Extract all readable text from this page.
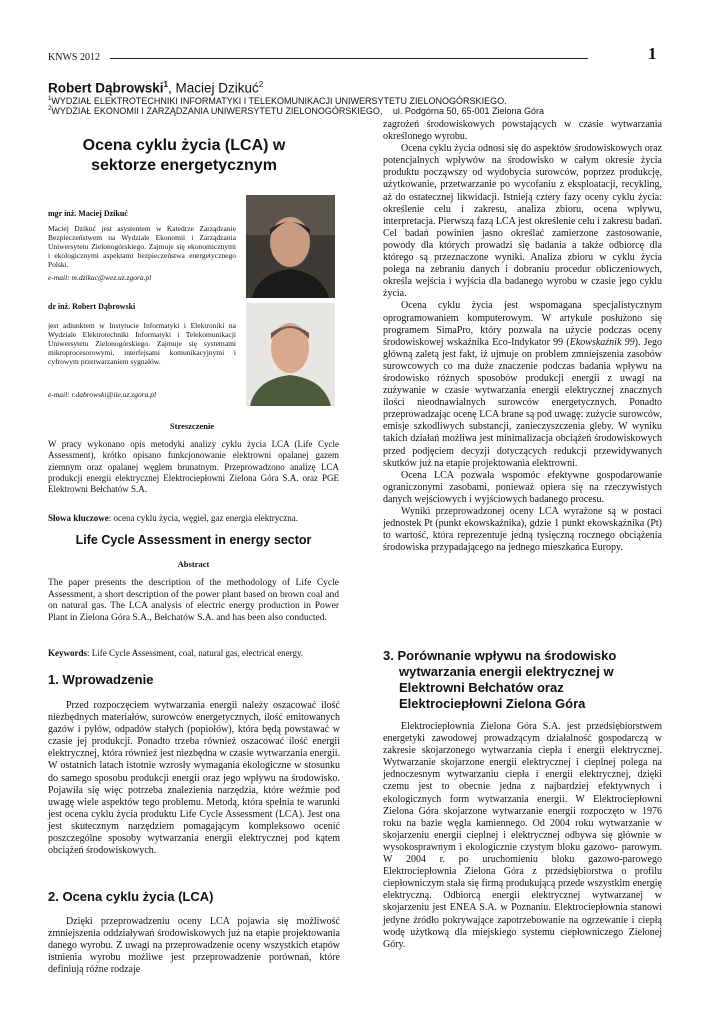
KNWS 2012	1
Robert Dąbrowski$^1$, Maciej Dzikuć$^2$
$^1$WYDZIAŁ ELEKTROTECHNIKI INFORMATYKI I TELEKOMUNIKACJI UNIWERSYTETU ZIELONOGÓRSKIEGO.
$^2$WYDZIAŁ EKONOMII I ZARZĄDZANIA UNIWERSYTETU ZIELONOGÓRSKIEGO, ul. Podgórna 50, 65-001 Zielona Góra
Ocena cyklu życia (LCA) w sektorze energetycznym
mgr inż. Maciej Dzikuć
Maciej Dzikuć jest asystentem w Katedrze Zarządzanie Bezpieczeństwem na Wydziale Ekonomii i Zarządzania Uniwersytetu Zielonogórskiego. Zajmuje się ekonomicznymi i ekologicznymi aspektami bezpieczeństwa energetycznego Polski.
e-mail: m.dzikuc@wez.uz.zgora.pl
dr inż. Robert Dąbrowski
jest adiunktem w Instytucie Informatyki i Elektroniki na Wydziale Elektrotechniki Informatyki i Telekomunikacji Uniwersytetu Zielonogórskiego. Zajmuje się systemami mikroprocesorowymi, interfejsami komunikacyjnymi i cyfrowym przetwarzaniem sygnałów.
e-mail: r.dabrowski@iie.uz.zgora.pl
Streszczenie
W pracy wykonano opis metodyki analizy cyklu życia LCA (Life Cycle Assessment), krótko opisano funkcjonowanie elektrowni opalanej gazem ziemnym oraz opalanej węglem brunatnym. Przeprowadzono analizę LCA produkcji energii elektrycznej Elektrociepłowni Zielona Góra S.A. oraz PGE Elektrowni Bełchatów S.A.
Słowa kluczowe: ocena cyklu życia, węgiel, gaz energia elektryczna.
Life Cycle Assessment in energy sector
Abstract
The paper presents the description of the methodology of Life Cycle Assessment, a short description of the power plant based on brown coal and on natural gas. The LCA analysis of electric energy production in Power Plant in Zielona Góra S.A., Bełchatów S.A. and has been also conducted.
Keywords: Life Cycle Assessment, coal, natural gas, electrical energy.
1. Wprowadzenie

Przed rozpoczęciem wytwarzania energii należy oszacować ilość niezbędnych materiałów, surowców energetycznych, ilość emitowanych gazów i pyłów, odpadów stałych (popiołów), która będą powstawać w czasie jej produkcji. Ponadto trzeba również oszacować ilość energii elektrycznej, która również jest niezbędna w czasie wytwarzania energii. W ostatnich latach istotnie wzrosły wymagania ekologiczne w stosunku do samego sposobu produkcji energii oraz jego wpływu na środowisko. Pojawiła się więc potrzeba znalezienia narzędzia, które weźmie pod uwagę wiele aspektów tego problemu. Metodą, która spełnia te warunki jest ocena cyklu życia produktu Life Cycle Assessment (LCA). Jest ona jest skutecznym narzędziem pomagającym kompleksowo ocenić poszczególne sposoby wytwarzania energii elektrycznej pod kątem obciążeń środowiskowych.

2. Ocena cyklu życia (LCA)

Dzięki przeprowadzeniu oceny LCA pojawia się możliwość zmniejszenia oddziaływań środowiskowych już na etapie projektowania danego wyrobu. Z uwagi na przeprowadzenie oceny wszystkich etapów istnienia wyrobu możliwe jest przeprowadzenie porównań, które definiują różne rodzaje

zagrożeń środowiskowych powstających w czasie wytwarzania określonego wyrobu.

Ocena cyklu życia odnosi się do aspektów środowiskowych oraz potencjalnych wpływów na środowisko w całym okresie życia produktu począwszy od wydobycia surowców, poprzez produkcję, użytkowanie, przetwarzanie po wycofaniu z eksploatacji, recykling, aż do ostatecznej likwidacji. Istnieją cztery fazy oceny cyklu życia: określenie celu i zakresu, analiza zbioru, ocena wpływu, interpretacja. Pierwszą fazą LCA jest określenie celu i zakresu badań. Cel badań powinien jasno określać zamierzone zastosowanie, powody dla których prowadzi się badania a także odbiorcę dla którego są przeznaczone wyniki. Analiza zbioru w cyklu życia polega na zebraniu danych i dobraniu procedur obliczeniowych, określa wejścia i wyjścia dla badanego wyrobu w czasie jego cyklu życia.

Ocena cyklu życia jest wspomagana specjalistycznym oprogramowaniem komputerowym. W artykule posłużono się programem SimaPro, który pozwala na użycie podczas oceny środowiskowej wskaźnika Eco-Indykator 99 (Ekowskaźnik 99). Jego główną zaletą jest fakt, iż ujmuje on problem zmniejszenia zasobów surowcowych co ma duże znaczenie podczas badania wpływu na środowisko różnych sposobów produkcji energii z uwagi na zużywanie w czasie wytwarzania energii elektrycznej znacznych ilości nieodnawialnych surowców energetycznych. Ponadto przeprowadzając ocenę LCA brane są pod uwagę: zużycie surowców, emisje szkodliwych substancji, zanieczyszczenia gleby. W wyniku takich działań możliwa jest minimalizacja obciążeń środowiskowych przed podjęciem decyzji dotyczących redukcji przewidywanych skutków już na etapie projektowania elektrowni.

Ocena LCA pozwala wspomóc efektywne gospodarowanie ograniczonymi zasobami, ponieważ opiera się na rzeczywistych danych wejściowych i wyjściowych badanego procesu.

Wyniki przeprowadzonej oceny LCA wyrażone są w postaci jednostek Pt (punkt ekowskaźnika), gdzie 1 punkt ekowskaźnika (Pt) to wartość, która reprezentuje jedną tysięczną rocznego obciążenia środowiska przypadającego na jednego mieszkańca Europy.

3. Porównanie wpływu na środowisko wytwarzania energii elektrycznej w Elektrowni Bełchatów oraz Elektrociepłowni Zielona Góra

Elektrociepłownia Zielona Góra S.A. jest przedsiębiorstwem energetyki zawodowej prowadzącym działalność gospodarczą w zakresie skojarzonego wytwarzania ciepła i energii elektrycznej. Wytwarzanie skojarzone energii elektrycznej i cieplnej polega na jednoczesnym wytwarzaniu ciepła i energii elektrycznej, dzięki czemu jest to obecnie jedna z najbardziej efektywnych i ekologicznych form wytwarzania energii. W Elektrociepłowni Zielona Góra skojarzone wytwarzanie energii rozpoczęto w 1976 roku na bazie węgla kamiennego. Od 2004 roku wytwarzanie w skojarzeniu energii cieplnej i elektrycznej odbywa się głównie w wysokosprawnym i ekologicznie czystym bloku gazowo- parowym. W 2004 r. po uruchomieniu bloku gazowo-parowego Elektrociepłownia Zielona Góra z przedsiębiorstwa o profilu ciepłowniczym stała się firmą produkującą przede wszystkim energię elektryczną. Odbiorcą energii elektrycznej wytwarzanej w skojarzeniu jest ENEA S.A. w Poznaniu. Elektrociepłownia stanowi jedyne źródło pokrywające zapotrzebowanie na ogrzewanie i ciepłą wodę użytkową dla miejskiego systemu ciepłowniczego Zielonej Góry.
